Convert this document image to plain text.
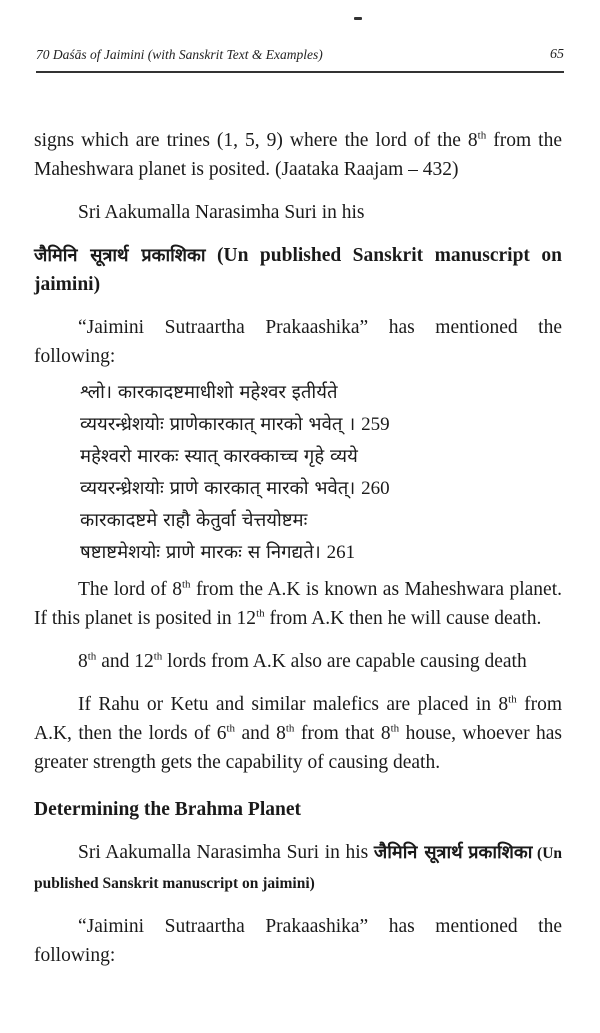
70 Daśās of Jaimini (with Sanskrit Text & Examples)	65

signs which are trines (1, 5, 9) where the lord of the 8th from the Maheshwara planet is posited. (Jaataka Raajam – 432)

Sri Aakumalla Narasimha Suri in his

जैमिनि सूत्रार्थ प्रकाशिका (Un published Sanskrit manuscript on jaimini)

“Jaimini Sutraartha Prakaashika” has mentioned the following:

श्लो। कारकादष्टमाधीशो महेश्वर इतीर्यते
व्ययरन्ध्रेशयोः प्राणेकारकात् मारको भवेत् । 259
महेश्वरो मारकः स्यात् कारक्काच्च गृहे व्यये
व्ययरन्ध्रेशयोः प्राणे कारकात् मारको भवेत्। 260
कारकादष्टमे राहौ केतुर्वा चेत्तयोष्टमः
षष्टाष्टमेशयोः प्राणे मारकः स निगद्यते। 261

The lord of 8th from the A.K is known as Maheshwara planet. If this planet is posited in 12th from A.K then he will cause death.

8th and 12th lords from A.K also are capable causing death

If Rahu or Ketu and similar malefics are placed in 8th from A.K, then the lords of 6th and 8th from that 8th house, whoever has greater strength gets the capability of causing death.

Determining the Brahma Planet

Sri Aakumalla Narasimha Suri in his जैमिनि सूत्रार्थ प्रकाशिका (Un published Sanskrit manuscript on jaimini)

“Jaimini Sutraartha Prakaashika” has mentioned the following:
